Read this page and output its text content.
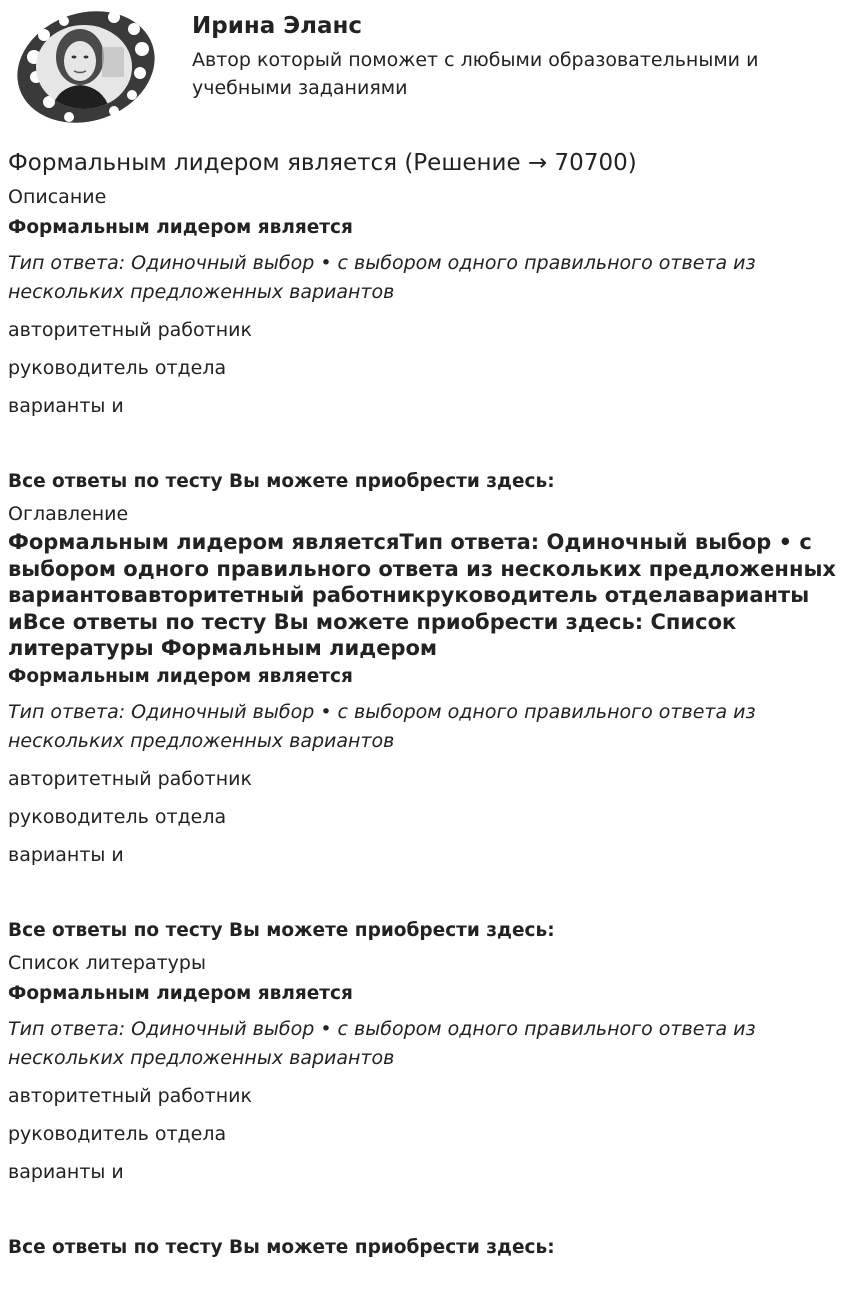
Ирина Эланс

Автор который поможет с любыми образовательными и учебными заданиями

Формальным лидером является (Решение → 70700)

Описание

Формальным лидером является

Тип ответа: Одиночный выбор • с выбором одного правильного ответа из нескольких предложенных вариантов

авторитетный работник

руководитель отдела

варианты и

Все ответы по тесту Вы можете приобрести здесь:

Оглавление

Формальным лидером являетсяТип ответа: Одиночный выбор • с выбором одного правильного ответа из нескольких предложенных вариантовавторитетный работникруководитель отделаварианты иВсе ответы по тесту Вы можете приобрести здесь: Список литературы Формальным лидером

Формальным лидером является

Тип ответа: Одиночный выбор • с выбором одного правильного ответа из нескольких предложенных вариантов

авторитетный работник

руководитель отдела

варианты и

Все ответы по тесту Вы можете приобрести здесь:

Список литературы

Формальным лидером является

Тип ответа: Одиночный выбор • с выбором одного правильного ответа из нескольких предложенных вариантов

авторитетный работник

руководитель отдела

варианты и

Все ответы по тесту Вы можете приобрести здесь:
